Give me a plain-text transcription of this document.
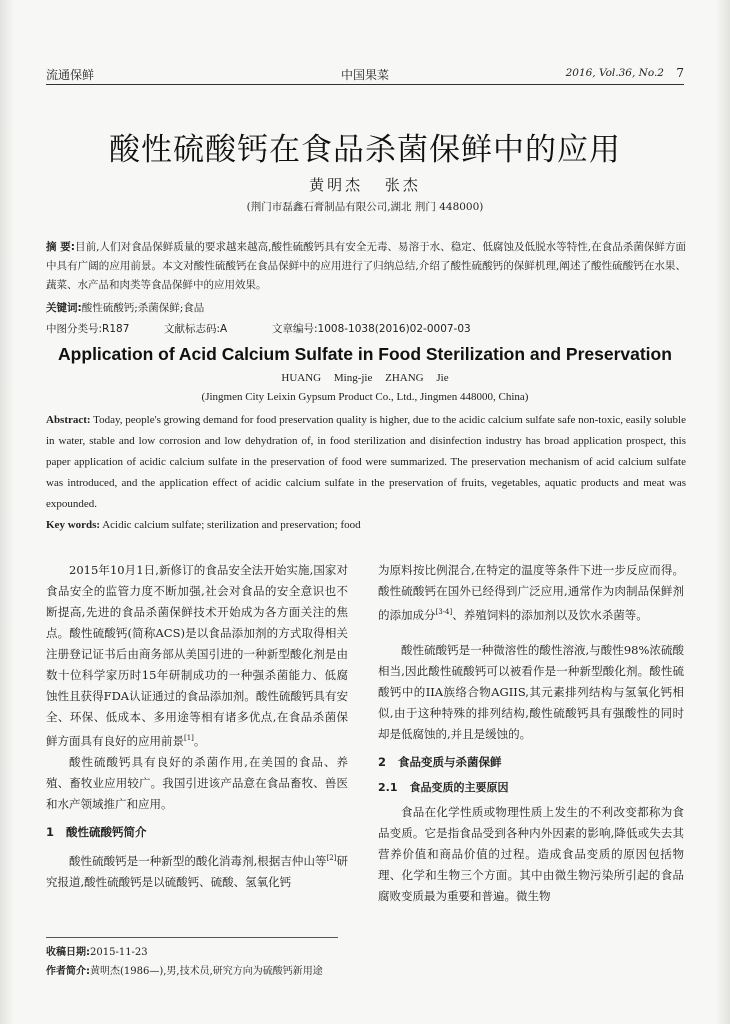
流通保鲜	中国果菜	2016, Vol.36, No.2 7
酸性硫酸钙在食品杀菌保鲜中的应用
黄明杰 张杰
(荆门市磊鑫石膏制品有限公司,湖北 荆门 448000)
摘 要:目前,人们对食品保鲜质量的要求越来越高,酸性硫酸钙具有安全无毒、易溶于水、稳定、低腐蚀及低脱水等特性,在食品杀菌保鲜方面中具有广阔的应用前景。本文对酸性硫酸钙在食品保鲜中的应用进行了归纳总结,介绍了酸性硫酸钙的保鲜机理,阐述了酸性硫酸钙在水果、蔬菜、水产品和肉类等食品保鲜中的应用效果。
关键词:酸性硫酸钙;杀菌保鲜;食品
中图分类号:R187	文献标志码:A	文章编号:1008-1038(2016)02-0007-03
Application of Acid Calcium Sulfate in Food Sterilization and Preservation
HUANG Ming-jie ZHANG Jie
(Jingmen City Leixin Gypsum Product Co., Ltd., Jingmen 448000, China)
Abstract: Today, people's growing demand for food preservation quality is higher, due to the acidic calcium sulfate safe non-toxic, easily soluble in water, stable and low corrosion and low dehydration of, in food sterilization and disinfection industry has broad application prospect, this paper application of acidic calcium sulfate in the preservation of food were summarized. The preservation mechanism of acid calcium sulfate was introduced, and the application effect of acidic calcium sulfate in the preservation of fruits, vegetables, aquatic products and meat was expounded.
Key words: Acidic calcium sulfate; sterilization and preservation; food

2015年10月1日,新修订的食品安全法开始实施,国家对食品安全的监管力度不断加强,社会对食品的安全意识也不断提高,先进的食品杀菌保鲜技术开始成为各方面关注的焦点。酸性硫酸钙(简称ACS)是以食品添加剂的方式取得相关注册登记证书后由商务部从美国引进的一种新型酸化剂是由数十位科学家历时15年研制成功的一种强杀菌能力、低腐蚀性且获得FDA认证通过的食品添加剂。酸性硫酸钙具有安全、环保、低成本、多用途等相有诸多优点,在食品杀菌保鲜方面具有良好的应用前景[1]。

酸性硫酸钙具有良好的杀菌作用,在美国的食品、养殖、畜牧业应用较广。我国引进该产品意在食品畜牧、兽医和水产领域推广和应用。

1 酸性硫酸钙简介

酸性硫酸钙是一种新型的酸化消毒剂,根据吉仲山等[2]研究报道,酸性硫酸钙是以硫酸钙、硫酸、氢氧化钙

为原料按比例混合,在特定的温度等条件下进一步反应而得。酸性硫酸钙在国外已经得到广泛应用,通常作为肉制品保鲜剂的添加成分[3-4]、养殖饲料的添加剂以及饮水杀菌等。

酸性硫酸钙是一种微溶性的酸性溶液,与酸性98%浓硫酸相当,因此酸性硫酸钙可以被看作是一种新型酸化剂。酸性硫酸钙中的IIA族络合物AGIIS,其元素排列结构与氢氧化钙相似,由于这种特殊的排列结构,酸性硫酸钙具有强酸性的同时却是低腐蚀的,并且是缓蚀的。

2 食品变质与杀菌保鲜
2.1 食品变质的主要原因

食品在化学性质或物理性质上发生的不利改变都称为食品变质。它是指食品受到各种内外因素的影响,降低或失去其营养价值和商品价值的过程。造成食品变质的原因包括物理、化学和生物三个方面。其中由微生物污染所引起的食品腐败变质最为重要和普遍。微生物

收稿日期:2015-11-23
作者简介:黄明杰(1986—),男,技术员,研究方向为硫酸钙新用途
